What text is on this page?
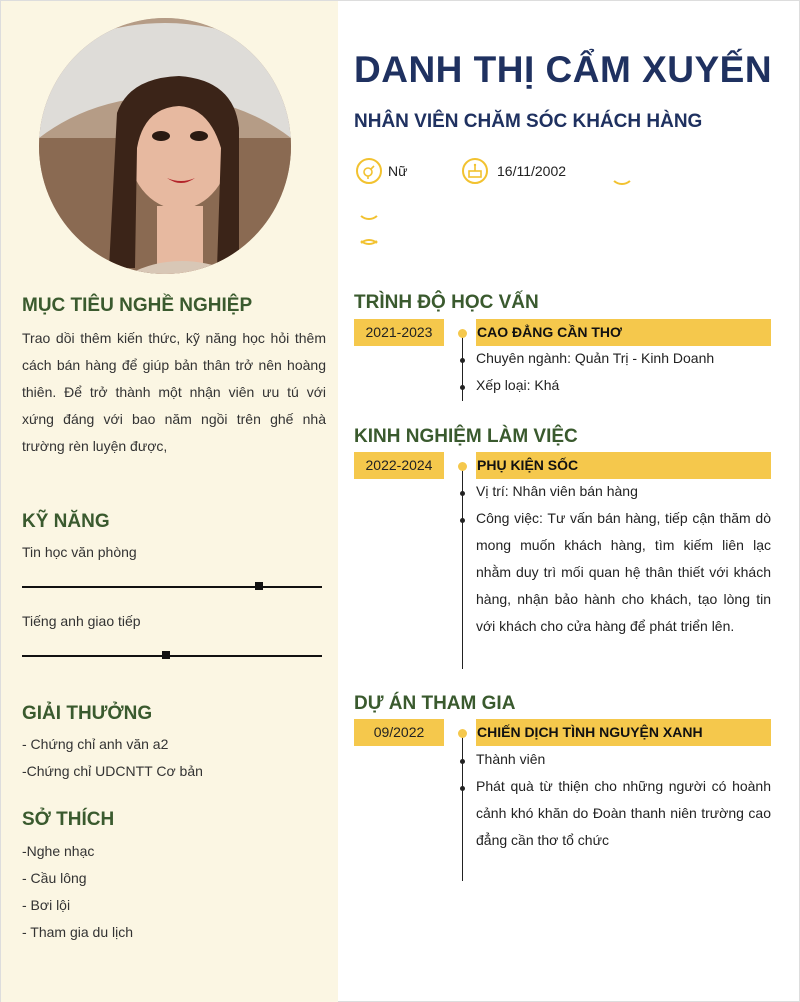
MỤC TIÊU NGHỀ NGHIỆP
Trao dồi thêm kiến thức, kỹ năng học hỏi thêm cách bán hàng để giúp bản thân trở nên hoàng thiên. Để trở thành một nhận viên ưu tú với xứng đáng với bao năm ngồi trên ghế nhà trường rèn luyện được,
KỸ NĂNG
Tin học văn phòng
Tiếng anh giao tiếp
GIẢI THƯỞNG
- Chứng chỉ anh văn a2
-Chứng chỉ UDCNTT Cơ bản
SỞ THÍCH
-Nghe nhạc
- Cầu lông
- Bơi lội
- Tham gia du lịch
DANH THỊ CẨM XUYẾN
NHÂN VIÊN CHĂM SÓC KHÁCH HÀNG
Nữ	16/11/2002
TRÌNH ĐỘ HỌC VẤN
2021-2023	CAO ĐẲNG CẦN THƠ
Chuyên ngành: Quản Trị - Kinh Doanh
Xếp loại: Khá
KINH NGHIỆM LÀM VIỆC
2022-2024	PHỤ KIỆN SỐC
Vị trí: Nhân viên bán hàng
Công việc: Tư vấn bán hàng, tiếp cận thăm dò mong muốn khách hàng, tìm kiếm liên lạc nhằm duy trì mối quan hệ thân thiết với khách hàng, nhận bảo hành cho khách, tạo lòng tin với khách cho cửa hàng để phát triển lên.
DỰ ÁN THAM GIA
09/2022	CHIẾN DỊCH TÌNH NGUYỆN XANH
Thành viên
Phát quà từ thiện cho những người có hoành cảnh khó khăn do Đoàn thanh niên trường cao đẳng cần thơ tổ chức
